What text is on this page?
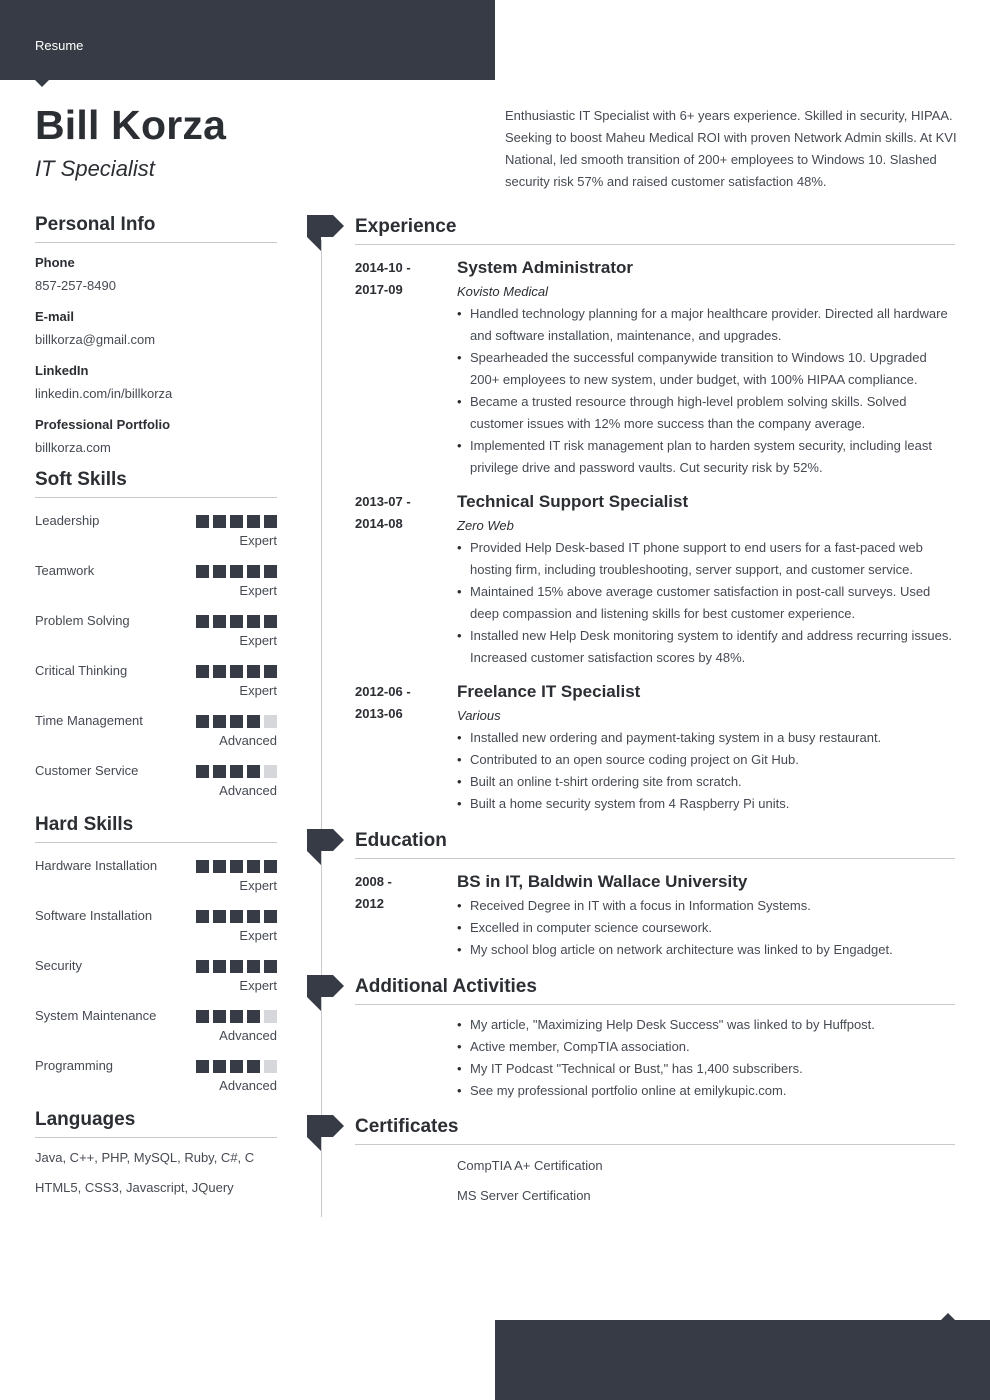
Resume
Bill Korza
IT Specialist
Enthusiastic IT Specialist with 6+ years experience. Skilled in security, HIPAA. Seeking to boost Maheu Medical ROI with proven Network Admin skills. At KVI National, led smooth transition of 200+ employees to Windows 10. Slashed security risk 57% and raised customer satisfaction 48%.
Personal Info
Phone
857-257-8490
E-mail
billkorza@gmail.com
LinkedIn
linkedin.com/in/billkorza
Professional Portfolio
billkorza.com
Soft Skills
Leadership
Expert
Teamwork
Expert
Problem Solving
Expert
Critical Thinking
Expert
Time Management
Advanced
Customer Service
Advanced
Hard Skills
Hardware Installation
Expert
Software Installation
Expert
Security
Expert
System Maintenance
Advanced
Programming
Advanced
Languages
Java, C++, PHP, MySQL, Ruby, C#, C
HTML5, CSS3, Javascript, JQuery
Experience
2014-10 -
2017-09
System Administrator
Kovisto Medical
• Handled technology planning for a major healthcare provider. Directed all hardware and software installation, maintenance, and upgrades.
• Spearheaded the successful companywide transition to Windows 10. Upgraded 200+ employees to new system, under budget, with 100% HIPAA compliance.
• Became a trusted resource through high-level problem solving skills. Solved customer issues with 12% more success than the company average.
• Implemented IT risk management plan to harden system security, including least privilege drive and password vaults. Cut security risk by 52%.
2013-07 -
2014-08
Technical Support Specialist
Zero Web
• Provided Help Desk-based IT phone support to end users for a fast-paced web hosting firm, including troubleshooting, server support, and customer service.
• Maintained 15% above average customer satisfaction in post-call surveys. Used deep compassion and listening skills for best customer experience.
• Installed new Help Desk monitoring system to identify and address recurring issues. Increased customer satisfaction scores by 48%.
2012-06 -
2013-06
Freelance IT Specialist
Various
• Installed new ordering and payment-taking system in a busy restaurant.
• Contributed to an open source coding project on Git Hub.
• Built an online t-shirt ordering site from scratch.
• Built a home security system from 4 Raspberry Pi units.
Education
2008 -
2012
BS in IT, Baldwin Wallace University
• Received Degree in IT with a focus in Information Systems.
• Excelled in computer science coursework.
• My school blog article on network architecture was linked to by Engadget.
Additional Activities
• My article, "Maximizing Help Desk Success" was linked to by Huffpost.
• Active member, CompTIA association.
• My IT Podcast "Technical or Bust," has 1,400 subscribers.
• See my professional portfolio online at emilykupic.com.
Certificates
CompTIA A+ Certification
MS Server Certification
